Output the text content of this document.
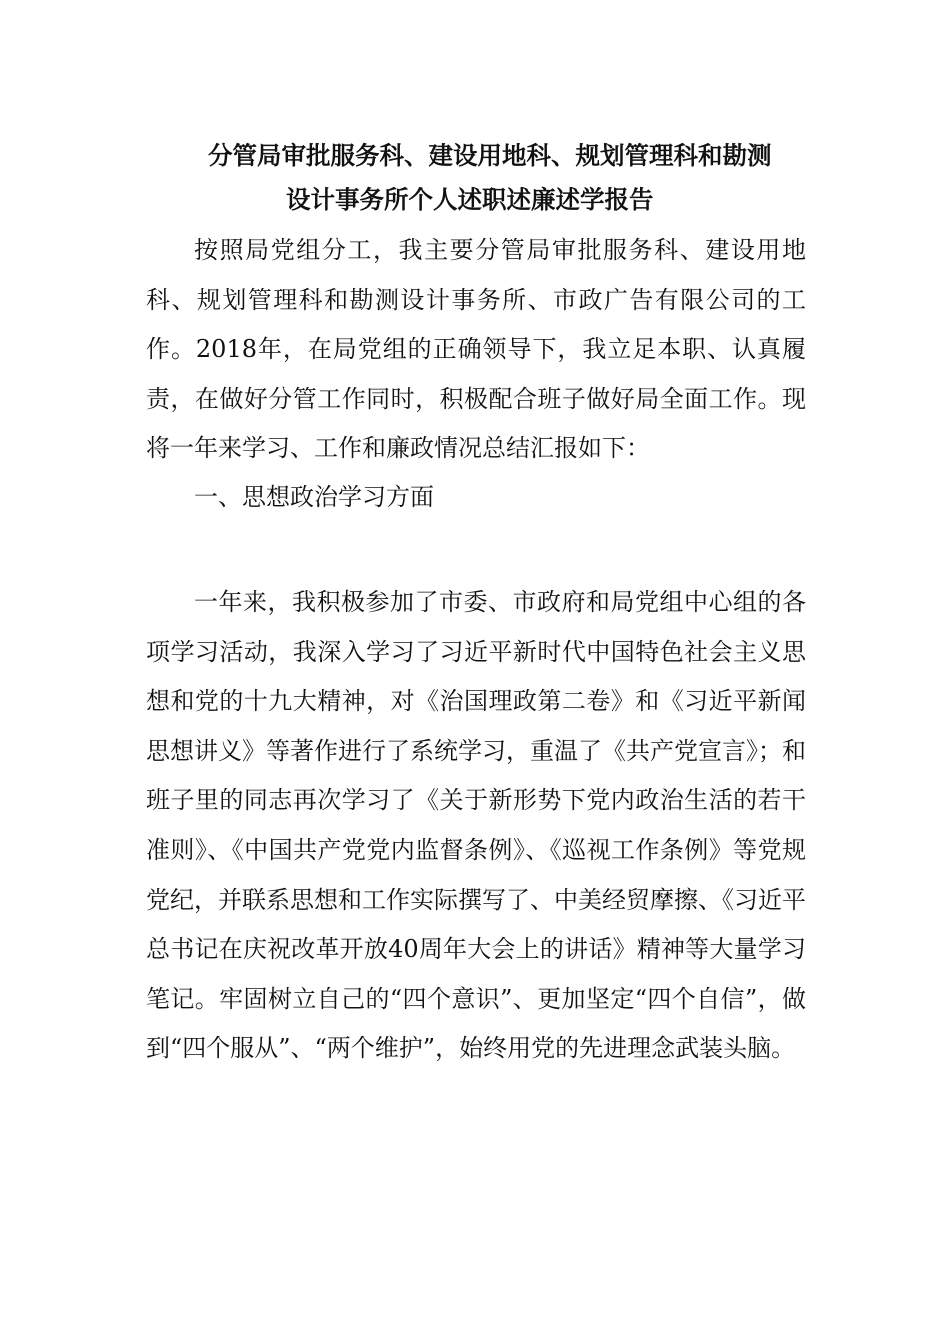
分管局审批服务科、建设用地科、规划管理科和勘测
设计事务所个人述职述廉述学报告

按照局党组分工，我主要分管局审批服务科、建设用地科、规划管理科和勘测设计事务所、市政广告有限公司的工作。2018年，在局党组的正确领导下，我立足本职、认真履责，在做好分管工作同时，积极配合班子做好局全面工作。现将一年来学习、工作和廉政情况总结汇报如下：

一、思想政治学习方面

一年来，我积极参加了市委、市政府和局党组中心组的各项学习活动，我深入学习了习近平新时代中国特色社会主义思想和党的十九大精神，对《治国理政第二卷》和《习近平新闻思想讲义》等著作进行了系统学习，重温了《共产党宣言》；和班子里的同志再次学习了《关于新形势下党内政治生活的若干准则》、《中国共产党党内监督条例》、《巡视工作条例》等党规党纪，并联系思想和工作实际撰写了、中美经贸摩擦、《习近平总书记在庆祝改革开放40周年大会上的讲话》精神等大量学习笔记。牢固树立自己的“四个意识”、更加坚定“四个自信”，做到“四个服从”、“两个维护”，始终用党的先进理念武装头脑。
